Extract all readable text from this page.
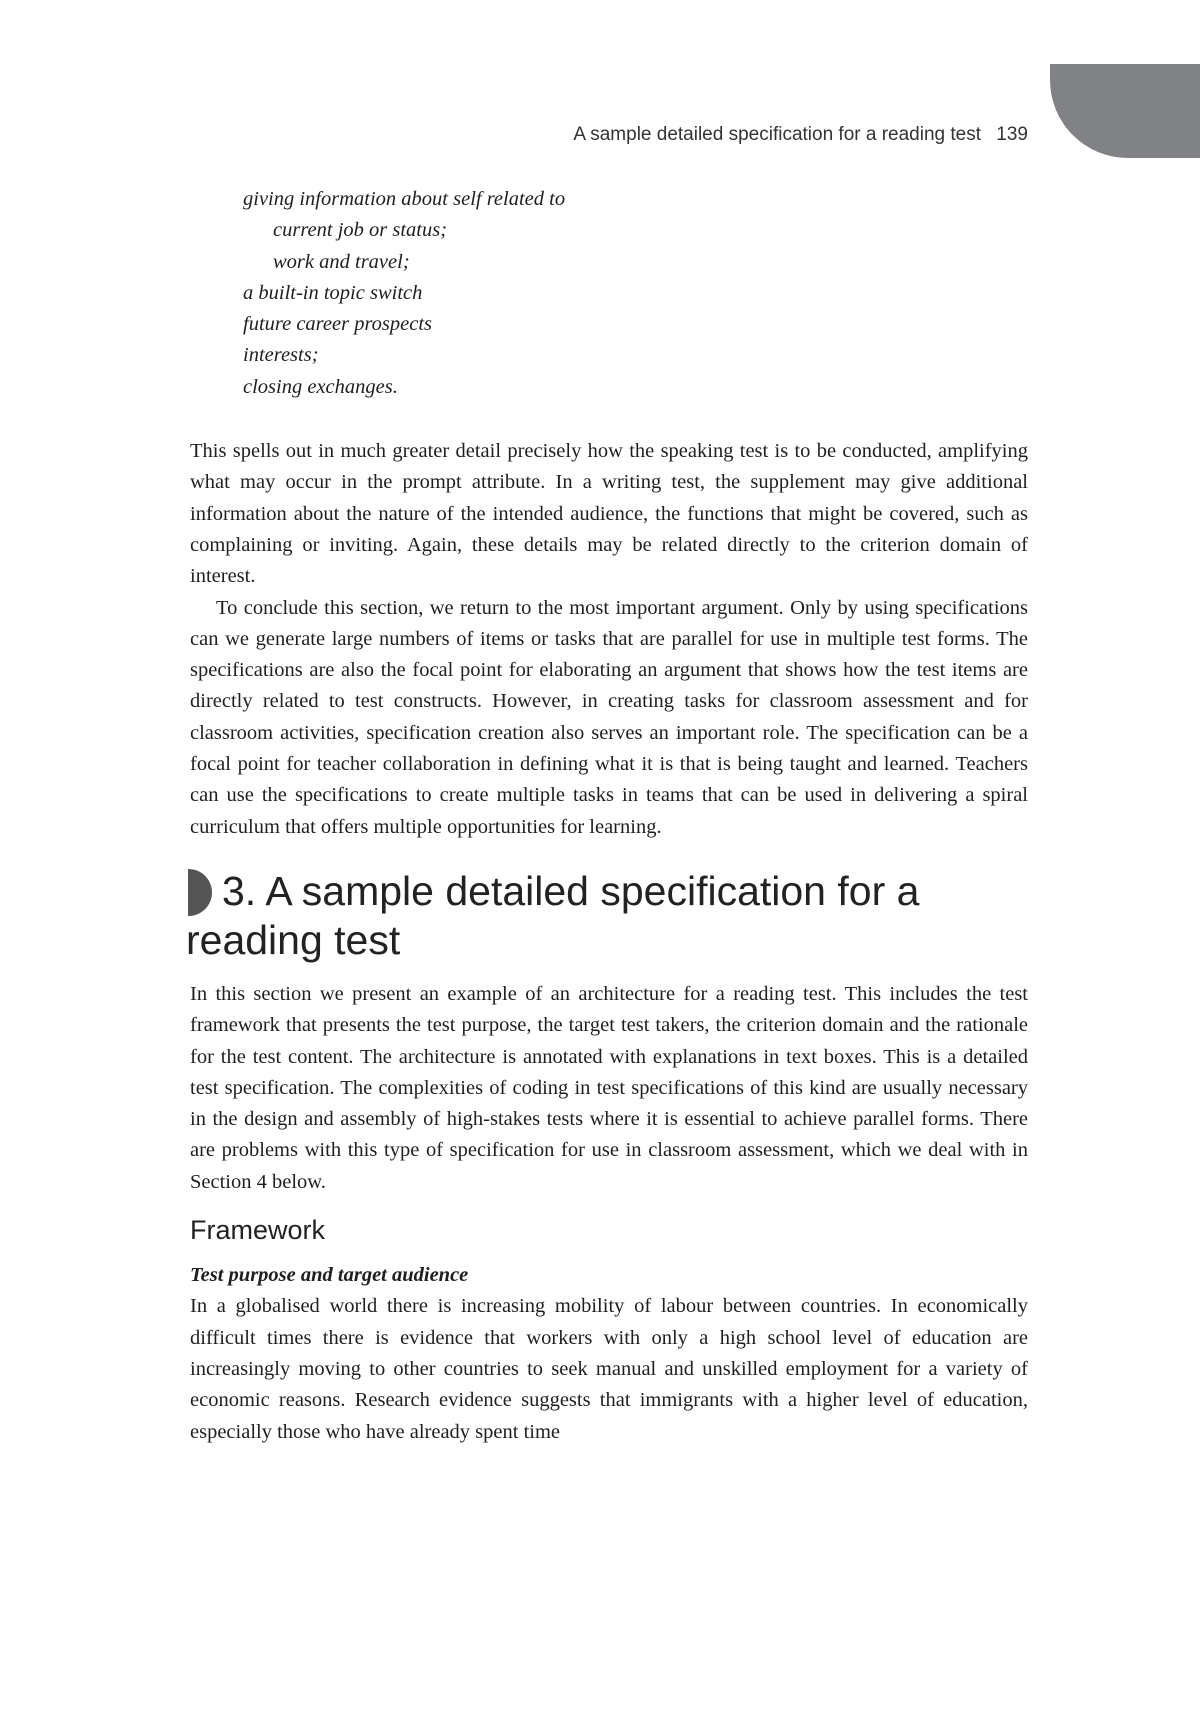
A sample detailed specification for a reading test 139
giving information about self related to
current job or status;
work and travel;
a built-in topic switch
future career prospects
interests;
closing exchanges.

This spells out in much greater detail precisely how the speaking test is to be conducted, amplifying what may occur in the prompt attribute. In a writing test, the supplement may give additional information about the nature of the intended audience, the functions that might be covered, such as complaining or inviting. Again, these details may be related directly to the criterion domain of interest.

To conclude this section, we return to the most important argument. Only by using specifications can we generate large numbers of items or tasks that are parallel for use in multiple test forms. The specifications are also the focal point for elaborating an argument that shows how the test items are directly related to test constructs. However, in creating tasks for classroom assessment and for classroom activities, specification creation also serves an important role. The specification can be a focal point for teacher collaboration in defining what it is that is being taught and learned. Teachers can use the specifications to create multiple tasks in teams that can be used in delivering a spiral curriculum that offers multiple opportunities for learning.

3. A sample detailed specification for a
reading test

In this section we present an example of an architecture for a reading test. This includes the test framework that presents the test purpose, the target test takers, the criterion domain and the rationale for the test content. The architecture is annotated with explanations in text boxes. This is a detailed test specification. The complexities of coding in test specifications of this kind are usually necessary in the design and assembly of high-stakes tests where it is essential to achieve parallel forms. There are problems with this type of specification for use in classroom assessment, which we deal with in Section 4 below.

Framework
Test purpose and target audience

In a globalised world there is increasing mobility of labour between countries. In economically difficult times there is evidence that workers with only a high school level of education are increasingly moving to other countries to seek manual and unskilled employment for a variety of economic reasons. Research evidence suggests that immigrants with a higher level of education, especially those who have already spent time
